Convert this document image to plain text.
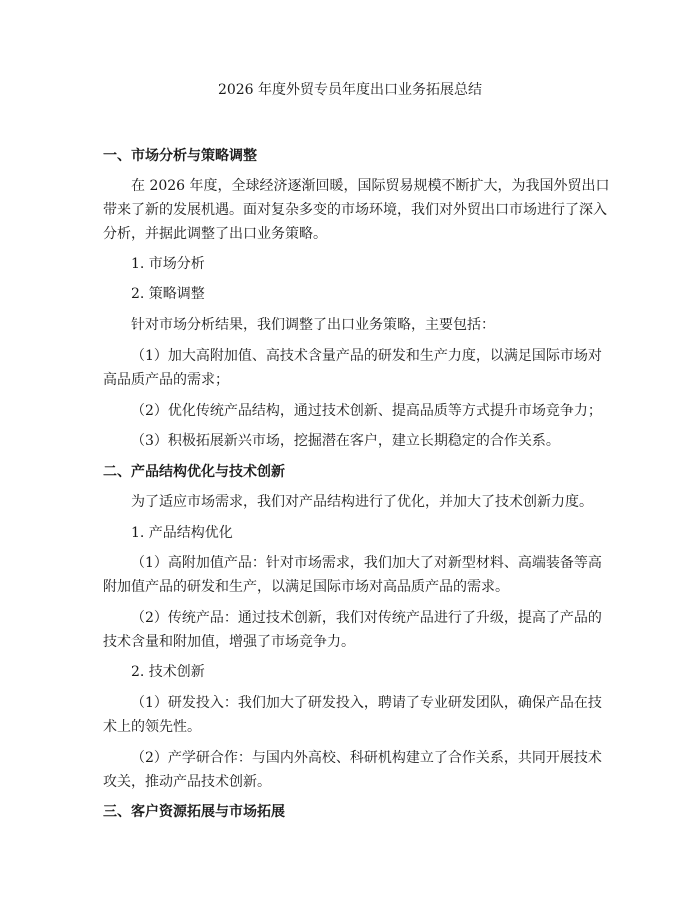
2026 年度外贸专员年度出口业务拓展总结
一、市场分析与策略调整
在 2026 年度，全球经济逐渐回暖，国际贸易规模不断扩大，为我国外贸出口
带来了新的发展机遇。面对复杂多变的市场环境，我们对外贸出口市场进行了深入
分析，并据此调整了出口业务策略。
1. 市场分析
2. 策略调整
针对市场分析结果，我们调整了出口业务策略，主要包括：
（1）加大高附加值、高技术含量产品的研发和生产力度，以满足国际市场对
高品质产品的需求；
（2）优化传统产品结构，通过技术创新、提高品质等方式提升市场竞争力；
（3）积极拓展新兴市场，挖掘潜在客户，建立长期稳定的合作关系。
二、产品结构优化与技术创新
为了适应市场需求，我们对产品结构进行了优化，并加大了技术创新力度。
1. 产品结构优化
（1）高附加值产品：针对市场需求，我们加大了对新型材料、高端装备等高
附加值产品的研发和生产，以满足国际市场对高品质产品的需求。
（2）传统产品：通过技术创新，我们对传统产品进行了升级，提高了产品的
技术含量和附加值，增强了市场竞争力。
2. 技术创新
（1）研发投入：我们加大了研发投入，聘请了专业研发团队，确保产品在技
术上的领先性。
（2）产学研合作：与国内外高校、科研机构建立了合作关系，共同开展技术
攻关，推动产品技术创新。
三、客户资源拓展与市场拓展
